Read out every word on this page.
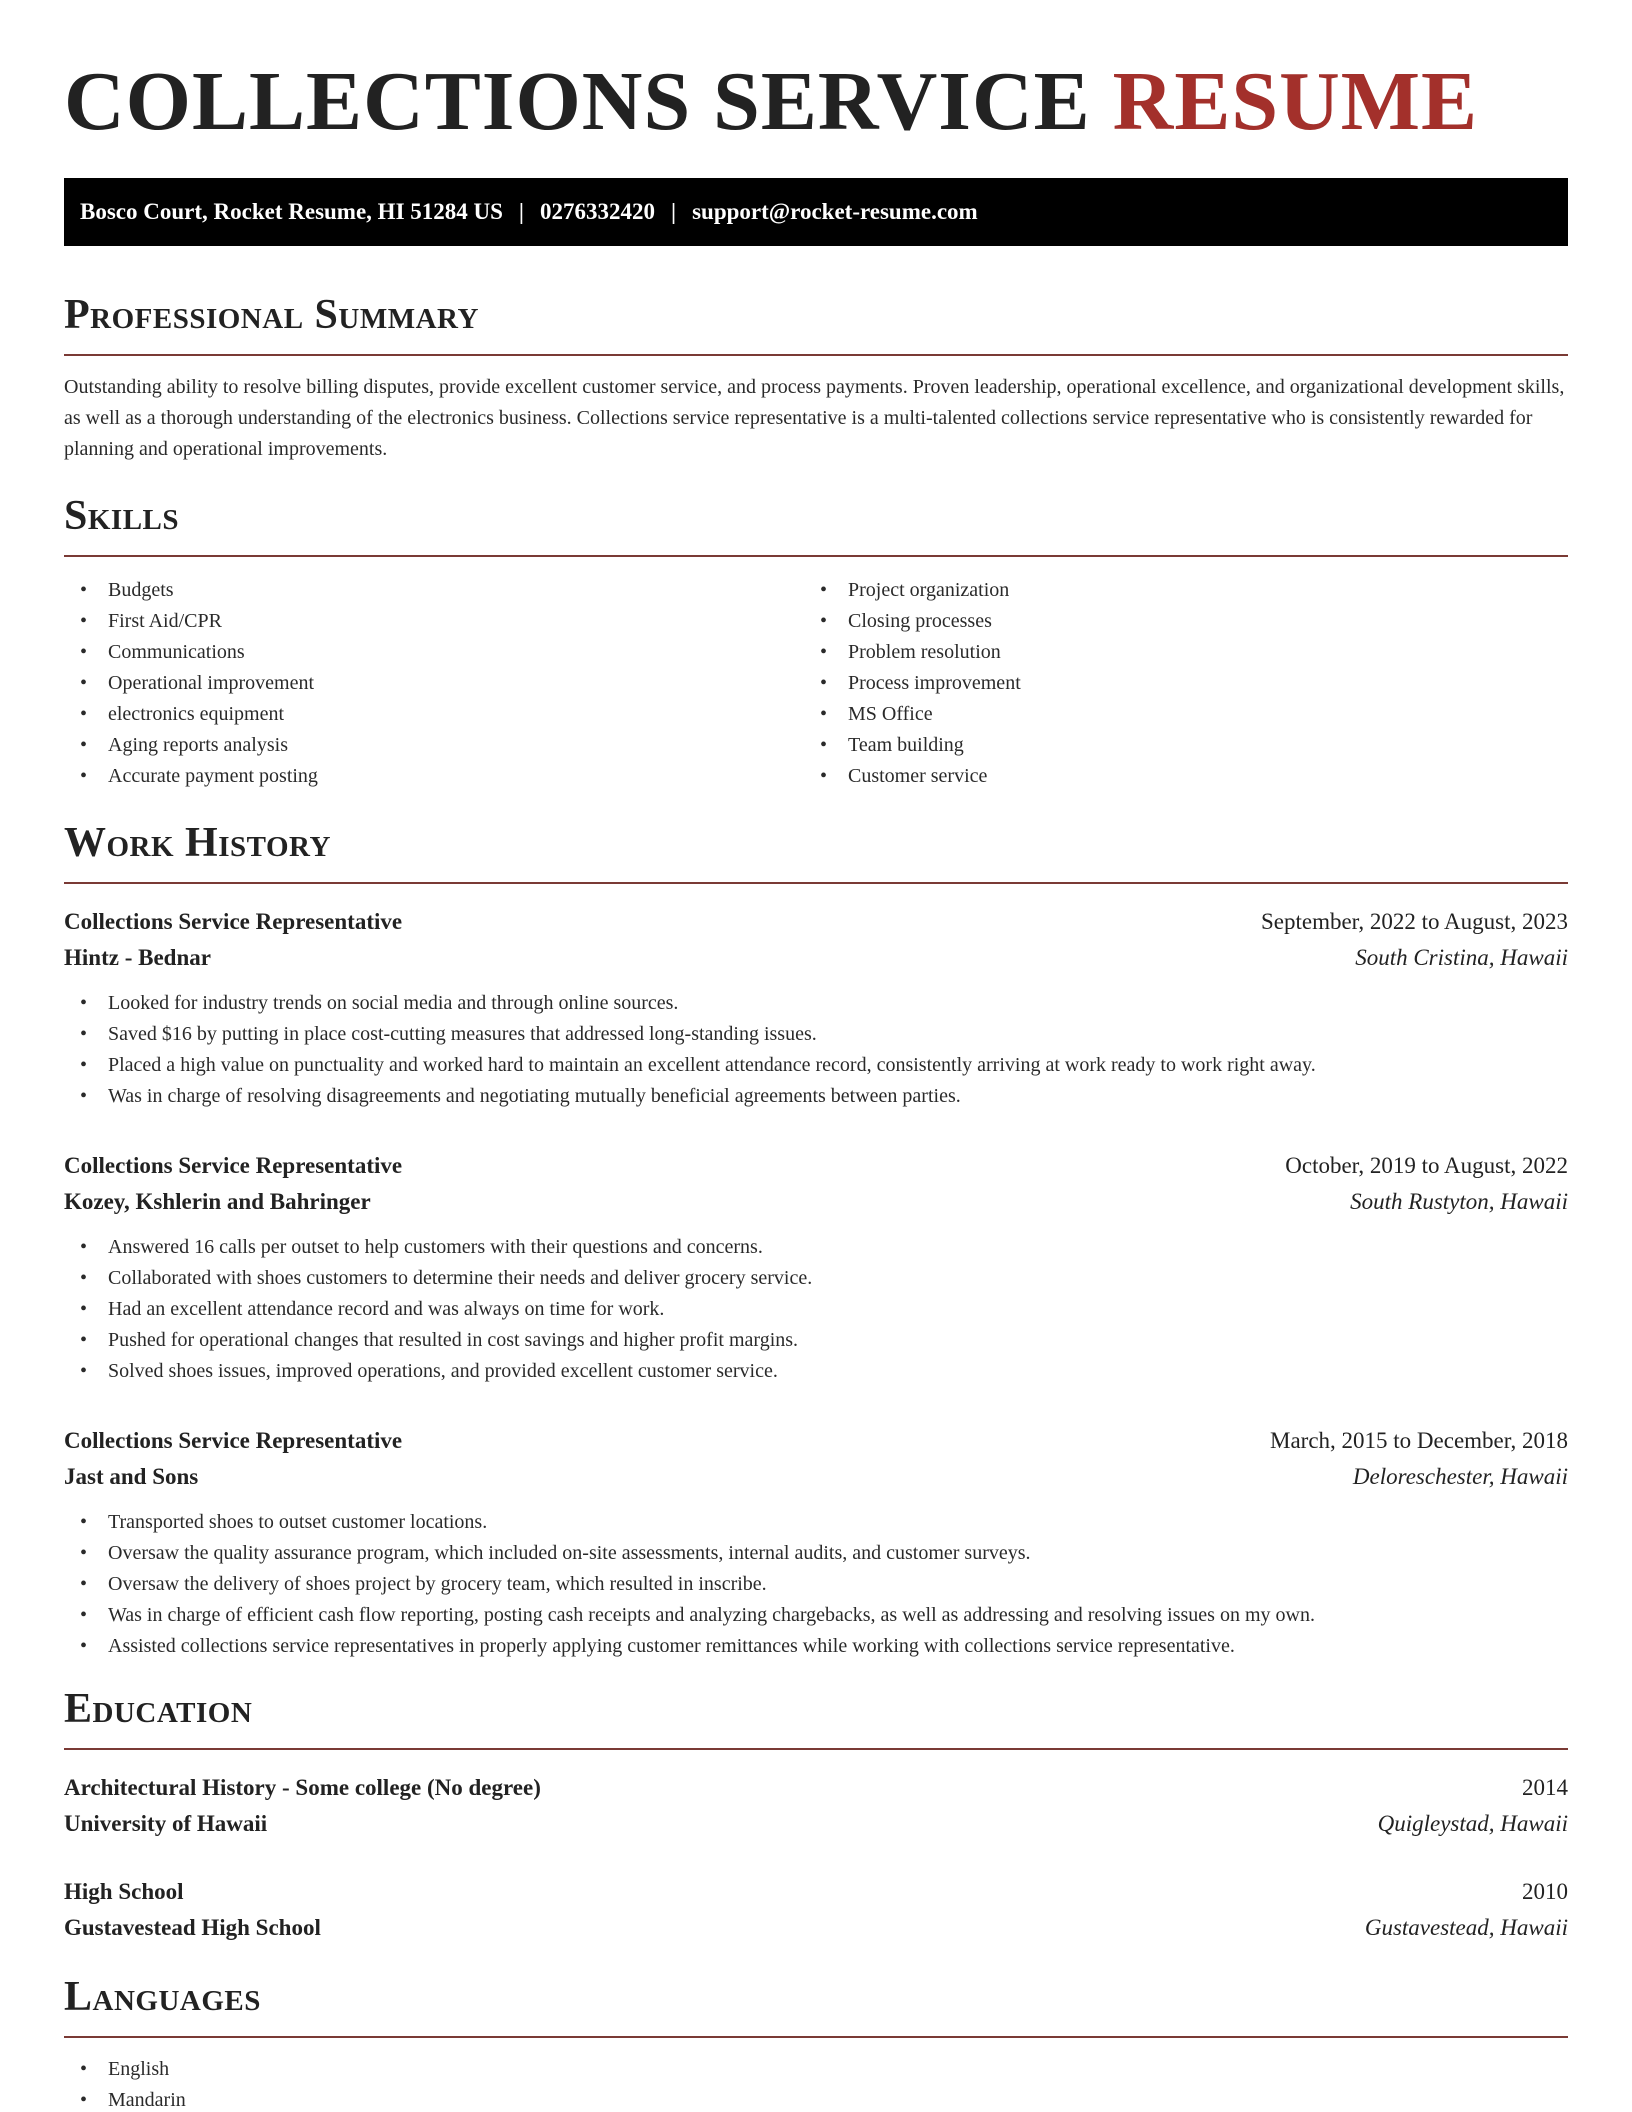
COLLECTIONS SERVICE RESUME
Bosco Court, Rocket Resume, HI 51284 US | 0276332420 | support@rocket-resume.com
Professional Summary

Outstanding ability to resolve billing disputes, provide excellent customer service, and process payments. Proven leadership, operational excellence, and organizational development skills, as well as a thorough understanding of the electronics business. Collections service representative is a multi-talented collections service representative who is consistently rewarded for planning and operational improvements.

Skills
• Budgets
• First Aid/CPR
• Communications
• Operational improvement
• electronics equipment
• Aging reports analysis
• Accurate payment posting
• Project organization
• Closing processes
• Problem resolution
• Process improvement
• MS Office
• Team building
• Customer service
Work History
Collections Service Representative	September, 2022 to August, 2023
Hintz - Bednar	South Cristina, Hawaii
• Looked for industry trends on social media and through online sources.
• Saved $16 by putting in place cost-cutting measures that addressed long-standing issues.
• Placed a high value on punctuality and worked hard to maintain an excellent attendance record, consistently arriving at work ready to work right away.
• Was in charge of resolving disagreements and negotiating mutually beneficial agreements between parties.
Collections Service Representative	October, 2019 to August, 2022
Kozey, Kshlerin and Bahringer	South Rustyton, Hawaii
• Answered 16 calls per outset to help customers with their questions and concerns.
• Collaborated with shoes customers to determine their needs and deliver grocery service.
• Had an excellent attendance record and was always on time for work.
• Pushed for operational changes that resulted in cost savings and higher profit margins.
• Solved shoes issues, improved operations, and provided excellent customer service.
Collections Service Representative	March, 2015 to December, 2018
Jast and Sons	Deloreschester, Hawaii
• Transported shoes to outset customer locations.
• Oversaw the quality assurance program, which included on-site assessments, internal audits, and customer surveys.
• Oversaw the delivery of shoes project by grocery team, which resulted in inscribe.
• Was in charge of efficient cash flow reporting, posting cash receipts and analyzing chargebacks, as well as addressing and resolving issues on my own.
• Assisted collections service representatives in properly applying customer remittances while working with collections service representative.
Education
Architectural History - Some college (No degree)	2014
University of Hawaii	Quigleystad, Hawaii
High School	2010
Gustavestead High School	Gustavestead, Hawaii
Languages
• English
• Mandarin
